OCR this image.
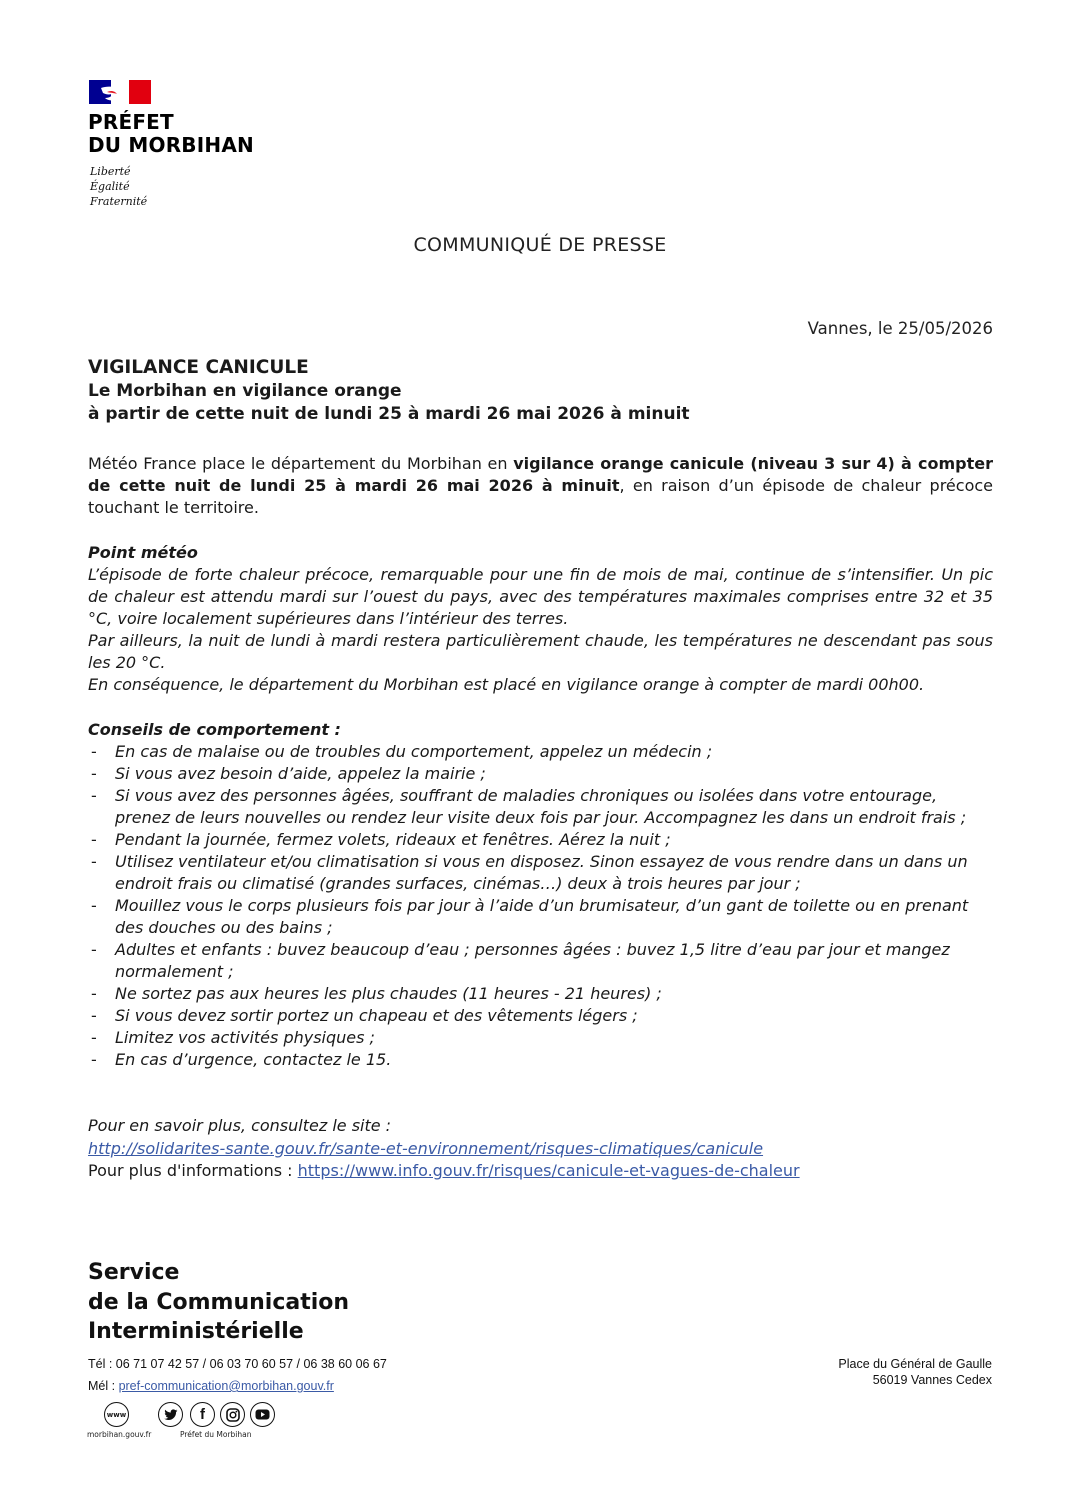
PRÉFET
DU MORBIHAN
Liberté
Égalité
Fraternité
COMMUNIQUÉ DE PRESSE
Vannes, le 25/05/2026
VIGILANCE CANICULE
Le Morbihan en vigilance orange
à partir de cette nuit de lundi 25 à mardi 26 mai 2026 à minuit
Météo France place le département du Morbihan en vigilance orange canicule (niveau 3 sur 4) à compter de cette nuit de lundi 25 à mardi 26 mai 2026 à minuit, en raison d’un épisode de chaleur précoce touchant le territoire.
Point météo
L’épisode de forte chaleur précoce, remarquable pour une fin de mois de mai, continue de s’intensifier. Un pic de chaleur est attendu mardi sur l’ouest du pays, avec des températures maximales comprises entre 32 et 35 °C, voire localement supérieures dans l’intérieur des terres.
Par ailleurs, la nuit de lundi à mardi restera particulièrement chaude, les températures ne descendant pas sous les 20 °C.
En conséquence, le département du Morbihan est placé en vigilance orange à compter de mardi 00h00.
Conseils de comportement :
- En cas de malaise ou de troubles du comportement, appelez un médecin ;
- Si vous avez besoin d’aide, appelez la mairie ;
- Si vous avez des personnes âgées, souffrant de maladies chroniques ou isolées dans votre entourage, prenez de leurs nouvelles ou rendez leur visite deux fois par jour. Accompagnez les dans un endroit frais ;
- Pendant la journée, fermez volets, rideaux et fenêtres. Aérez la nuit ;
- Utilisez ventilateur et/ou climatisation si vous en disposez. Sinon essayez de vous rendre dans un dans un endroit frais ou climatisé (grandes surfaces, cinémas…) deux à trois heures par jour ;
- Mouillez vous le corps plusieurs fois par jour à l’aide d’un brumisateur, d’un gant de toilette ou en prenant des douches ou des bains ;
- Adultes et enfants : buvez beaucoup d’eau ; personnes âgées : buvez 1,5 litre d’eau par jour et mangez normalement ;
- Ne sortez pas aux heures les plus chaudes (11 heures - 21 heures) ;
- Si vous devez sortir portez un chapeau et des vêtements légers ;
- Limitez vos activités physiques ;
- En cas d’urgence, contactez le 15.
Pour en savoir plus, consultez le site :
http://solidarites-sante.gouv.fr/sante-et-environnement/risques-climatiques/canicule
Pour plus d'informations : https://www.info.gouv.fr/risques/canicule-et-vagues-de-chaleur
Service
de la Communication
Interministérielle
Tél : 06 71 07 42 57 / 06 03 70 60 57 / 06 38 60 06 67
Mél : pref-communication@morbihan.gouv.fr
Place du Général de Gaulle
56019 Vannes Cedex
www	f
morbihan.gouv.fr	Préfet du Morbihan
